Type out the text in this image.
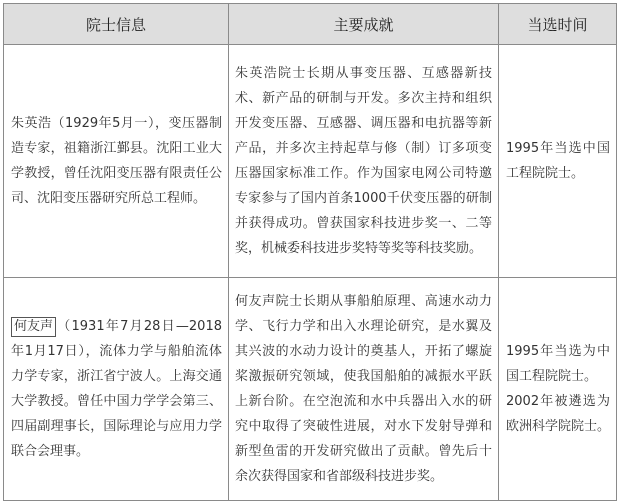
院士信息	主要成就	当选时间

朱英浩（1929年5月一），变压器制造专家，祖籍浙江鄞县。沈阳工业大学教授，曾任沈阳变压器有限责任公司、沈阳变压器研究所总工程师。	朱英浩院士长期从事变压器、互感器新技术、新产品的研制与开发。多次主持和组织开发变压器、互感器、调压器和电抗器等新产品，并多次主持起草与修（制）订多项变压器国家标准工作。作为国家电网公司特邀专家参与了国内首条1000千伏变压器的研制并获得成功。曾获国家科技进步奖一、二等奖，机械委科技进步奖特等奖等科技奖励。	1995年当选中国工程院院士。

何友声 （1931年7月28日—2018年1月17日），流体力学与船舶流体力学专家，浙江省宁波人。上海交通大学教授。曾任中国力学学会第三、四届副理事长，国际理论与应用力学联合会理事。	何友声院士长期从事船舶原理、高速水动力学、飞行力学和出入水理论研究，是水翼及其兴波的水动力设计的奠基人，开拓了螺旋桨激振研究领域，使我国船舶的减振水平跃上新台阶。在空泡流和水中兵器出入水的研究中取得了突破性进展，对水下发射导弹和新型鱼雷的开发研究做出了贡献。曾先后十余次获得国家和省部级科技进步奖。	1995年当选为中国工程院院士。
2002年被遴选为欧洲科学院院士。
